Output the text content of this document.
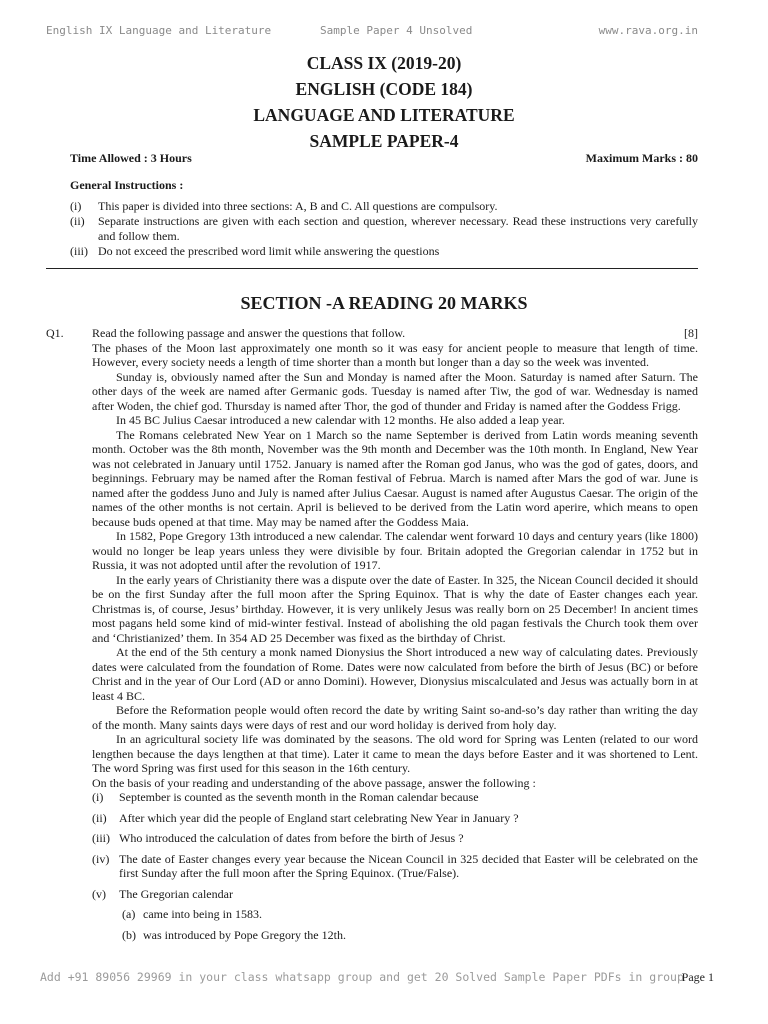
English IX Language and Literature	Sample Paper 4 Unsolved	www.rava.org.in
CLASS IX (2019-20)
ENGLISH (CODE 184)
LANGUAGE AND LITERATURE
SAMPLE PAPER-4
Time Allowed : 3 Hours	Maximum Marks : 80
General Instructions :
(i)	This paper is divided into three sections: A, B and C. All questions are compulsory.
(ii)	Separate instructions are given with each section and question, wherever necessary. Read these instructions very carefully and follow them.
(iii) Do not exceed the prescribed word limit while answering the questions
SECTION -A READING 20 MARKS
Q1.	Read the following passage and answer the questions that follow.	[8]

The phases of the Moon last approximately one month so it was easy for ancient people to measure that length of time. However, every society needs a length of time shorter than a month but longer than a day so the week was invented.

Sunday is, obviously named after the Sun and Monday is named after the Moon. Saturday is named after Saturn. The other days of the week are named after Germanic gods. Tuesday is named after Tiw, the god of war. Wednesday is named after Woden, the chief god. Thursday is named after Thor, the god of thunder and Friday is named after the Goddess Frigg.

In 45 BC Julius Caesar introduced a new calendar with 12 months. He also added a leap year.

The Romans celebrated New Year on 1 March so the name September is derived from Latin words meaning seventh month. October was the 8th month, November was the 9th month and December was the 10th month. In England, New Year was not celebrated in January until 1752. January is named after the Roman god Janus, who was the god of gates, doors, and beginnings. February may be named after the Roman festival of Februa. March is named after Mars the god of war. June is named after the goddess Juno and July is named after Julius Caesar. August is named after Augustus Caesar. The origin of the names of the other months is not certain. April is believed to be derived from the Latin word aperire, which means to open because buds opened at that time. May may be named after the Goddess Maia.

In 1582, Pope Gregory 13th introduced a new calendar. The calendar went forward 10 days and century years (like 1800) would no longer be leap years unless they were divisible by four. Britain adopted the Gregorian calendar in 1752 but in Russia, it was not adopted until after the revolution of 1917.

In the early years of Christianity there was a dispute over the date of Easter. In 325, the Nicean Council decided it should be on the first Sunday after the full moon after the Spring Equinox. That is why the date of Easter changes each year. Christmas is, of course, Jesus’ birthday. However, it is very unlikely Jesus was really born on 25 December! In ancient times most pagans held some kind of mid-winter festival. Instead of abolishing the old pagan festivals the Church took them over and ‘Christianized’ them. In 354 AD 25 December was fixed as the birthday of Christ.

At the end of the 5th century a monk named Dionysius the Short introduced a new way of calculating dates. Previously dates were calculated from the foundation of Rome. Dates were now calculated from before the birth of Jesus (BC) or before Christ and in the year of Our Lord (AD or anno Domini). However, Dionysius miscalculated and Jesus was actually born in at least 4 BC.

Before the Reformation people would often record the date by writing Saint so-and-so’s day rather than writing the day of the month. Many saints days were days of rest and our word holiday is derived from holy day.

In an agricultural society life was dominated by the seasons. The old word for Spring was Lenten (related to our word lengthen because the days lengthen at that time). Later it came to mean the days before Easter and it was shortened to Lent. The word Spring was first used for this season in the 16th century.

On the basis of your reading and understanding of the above passage, answer the following :

(i)	September is counted as the seventh month in the Roman calendar because
(ii)	After which year did the people of England start celebrating New Year in January ?
(iii) Who introduced the calculation of dates from before the birth of Jesus ?
(iv) The date of Easter changes every year because the Nicean Council in 325 decided that Easter will be celebrated on the first Sunday after the full moon after the Spring Equinox. (True/False).
(v)	The Gregorian calendar
(a) came into being in 1583.
(b) was introduced by Pope Gregory the 12th.
Add +91 89056 29969 in your class whatsapp group and get 20 Solved Sample Paper PDFs in group
Page 1
